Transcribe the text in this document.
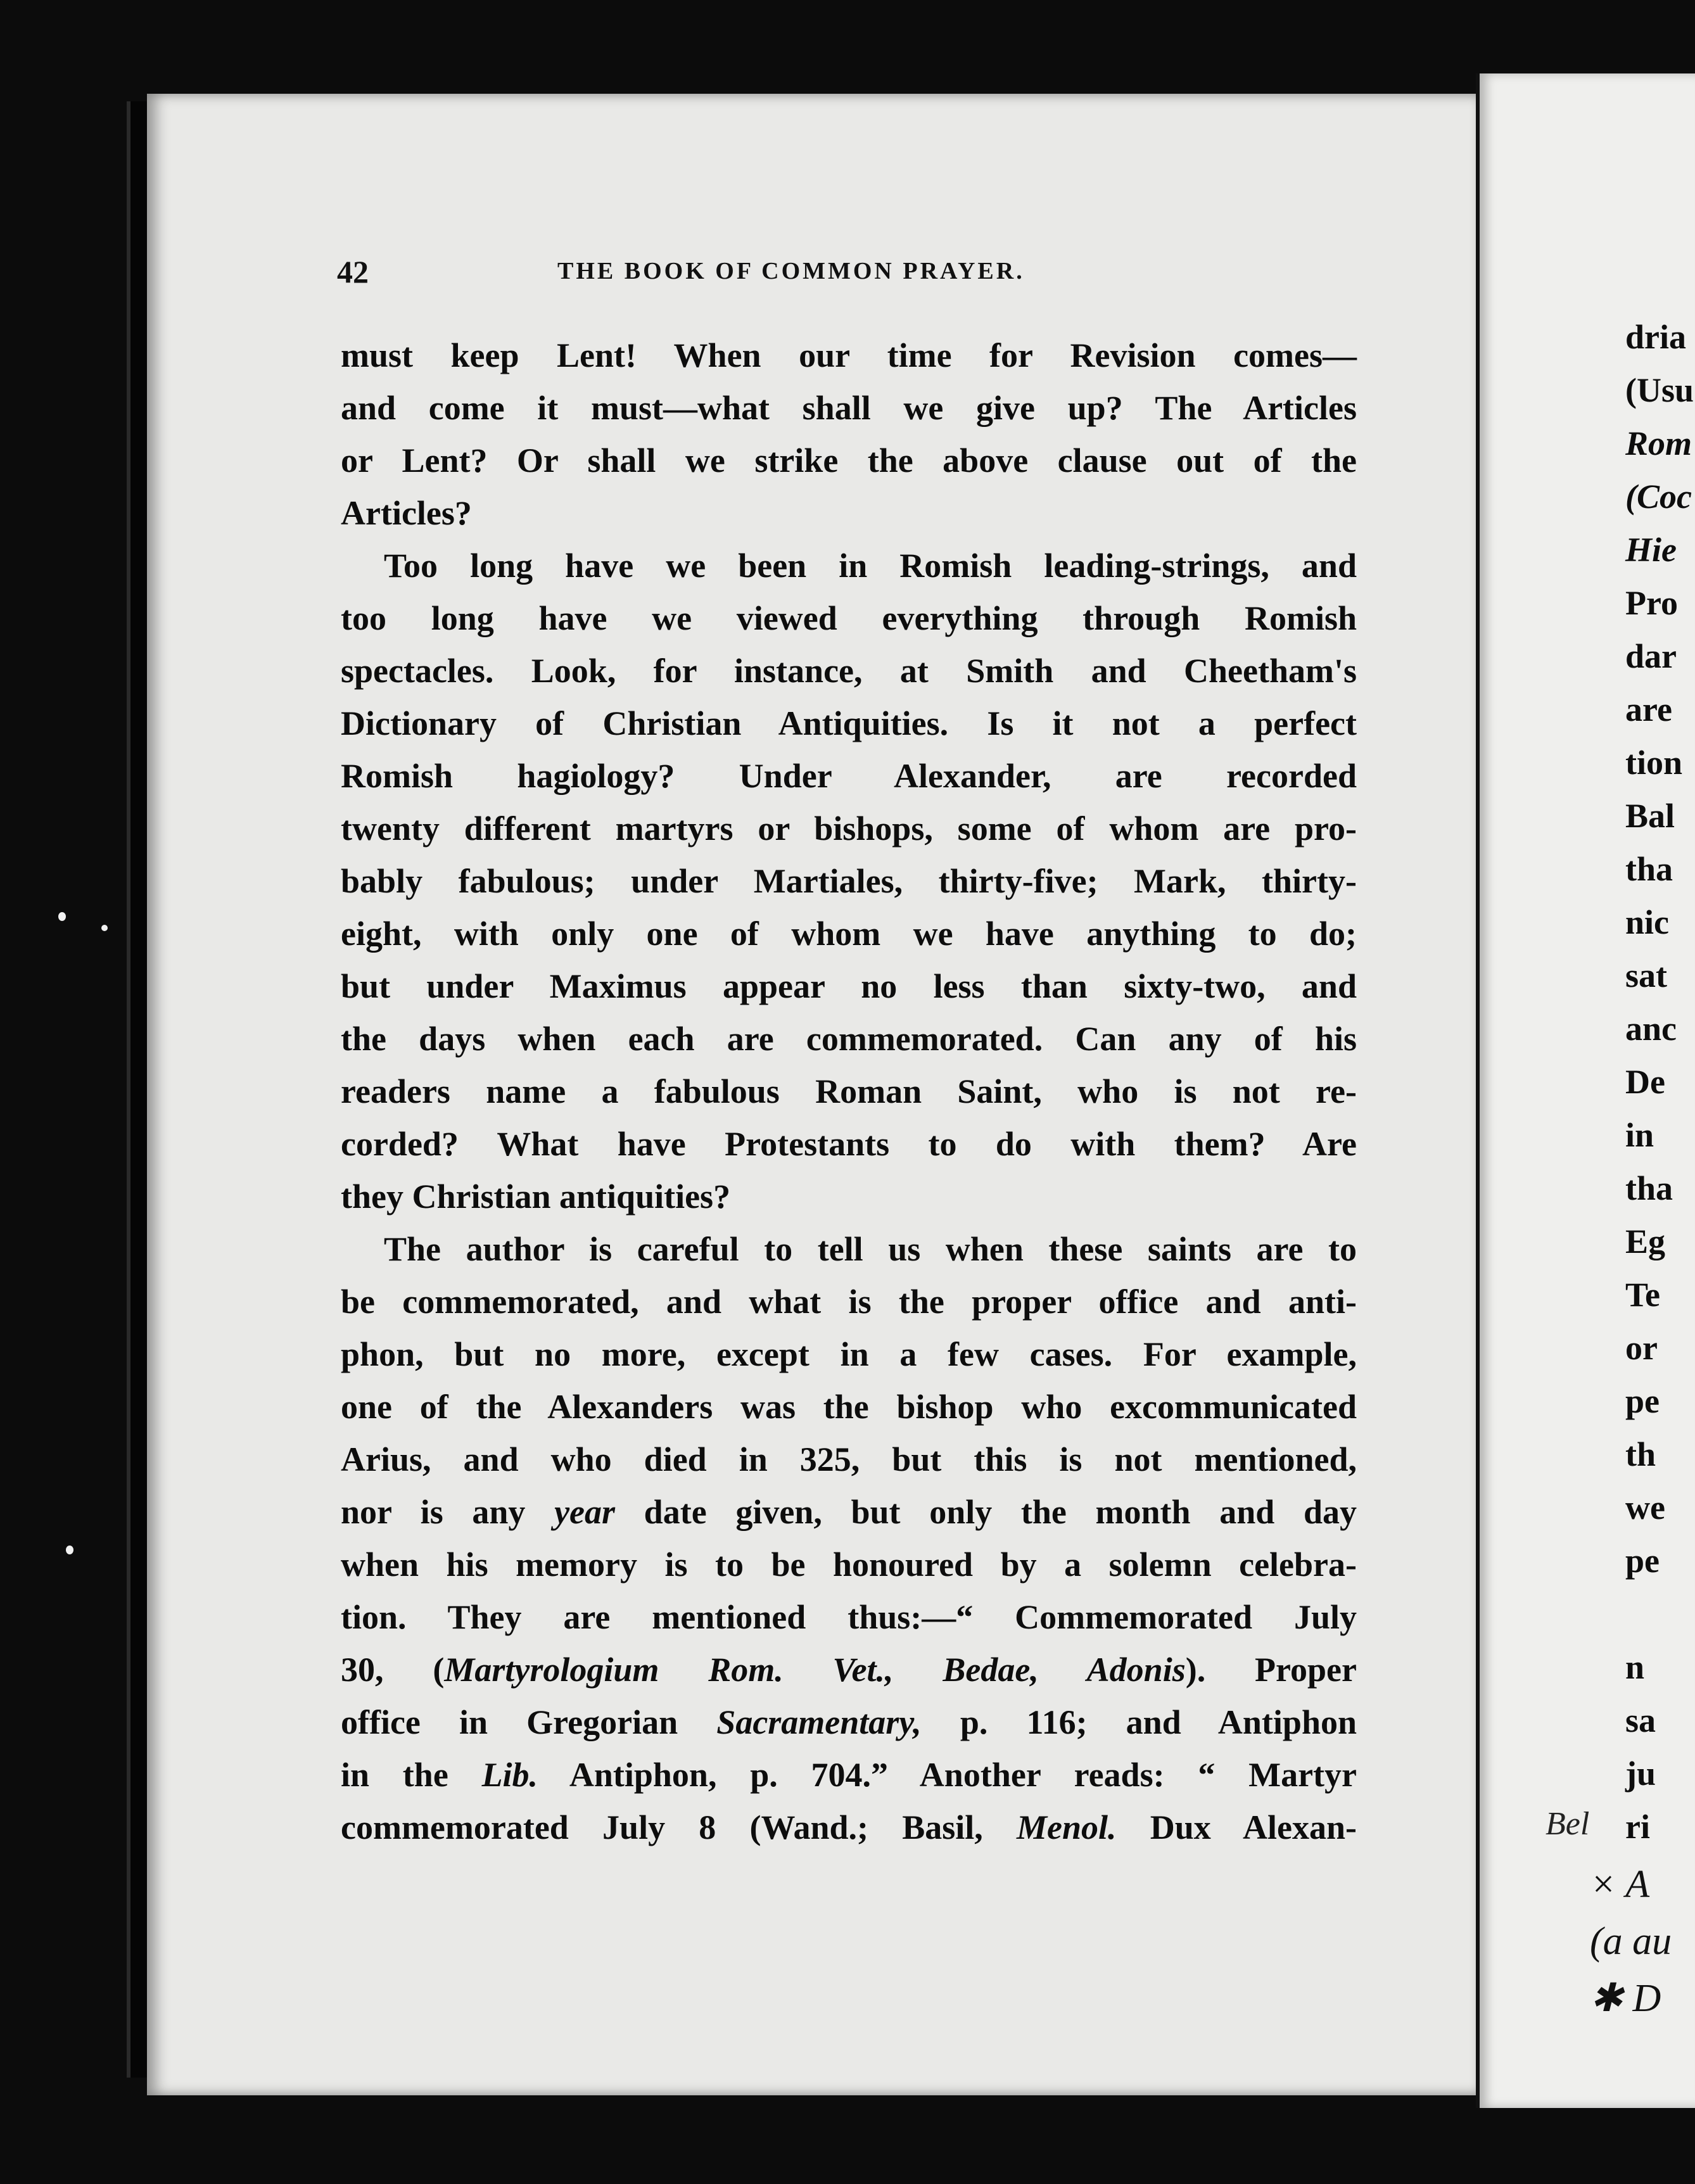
42	THE BOOK OF COMMON PRAYER.
must keep Lent! When our time for Revision comes—
and come it must—what shall we give up? The Articles
or Lent? Or shall we strike the above clause out of the
Articles?
Too long have we been in Romish leading-strings, and
too long have we viewed everything through Romish
spectacles. Look, for instance, at Smith and Cheetham's
Dictionary of Christian Antiquities. Is it not a perfect
Romish hagiology? Under Alexander, are recorded
twenty different martyrs or bishops, some of whom are pro-
bably fabulous; under Martiales, thirty-five; Mark, thirty-
eight, with only one of whom we have anything to do;
but under Maximus appear no less than sixty-two, and
the days when each are commemorated. Can any of his
readers name a fabulous Roman Saint, who is not re-
corded? What have Protestants to do with them? Are
they Christian antiquities?
The author is careful to tell us when these saints are to
be commemorated, and what is the proper office and anti-
phon, but no more, except in a few cases. For example,
one of the Alexanders was the bishop who excommunicated
Arius, and who died in 325, but this is not mentioned,
nor is any year date given, but only the month and day
when his memory is to be honoured by a solemn celebra-
tion. They are mentioned thus:—“ Commemorated July
30, (Martyrologium Rom. Vet., Bedae, Adonis). Proper
office in Gregorian Sacramentary, p. 116; and Antiphon
in the Lib. Antiphon, p. 704.” Another reads: “ Martyr
commemorated July 8 (Wand.; Basil, Menol. Dux Alexan-
dria
(Usu
Rom
(Coc
Hie
Pro
dar
are
tion
Bal
tha
nic
sat
anc
De
in
tha
Eg
Te
or
pe
th
we
pe
n
sa
ju
ri
Bel
× A
(a au
✱ D
